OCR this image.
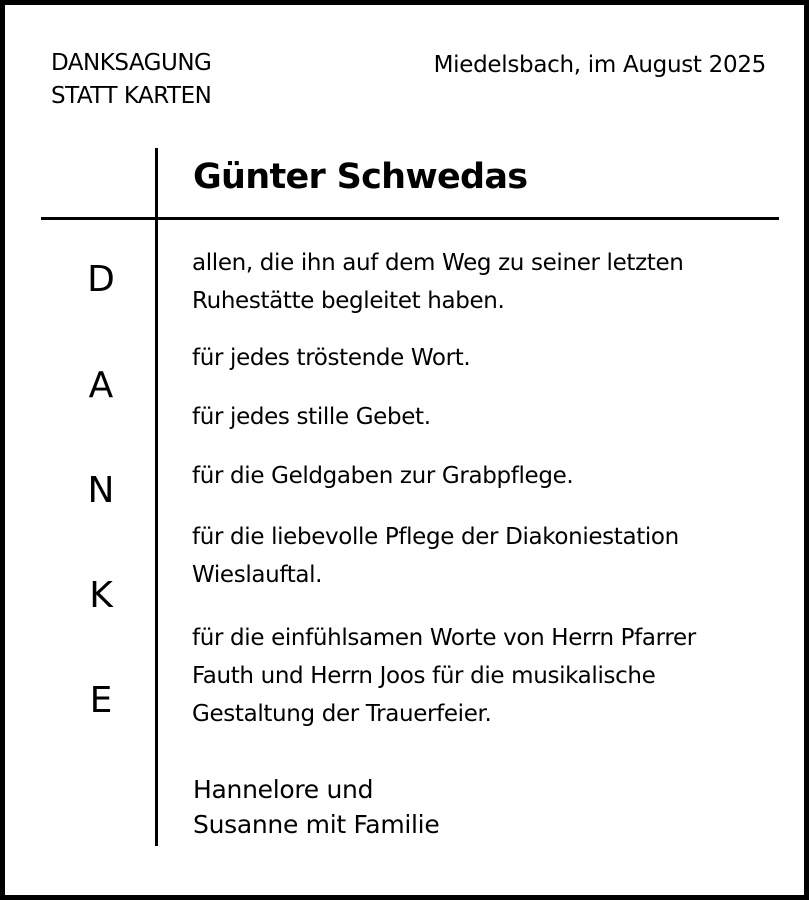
DANKSAGUNG
STATT KARTEN
Miedelsbach, im August 2025
Günter Schwedas
D
A
N
K
E
allen, die ihn auf dem Weg zu seiner letzten
Ruhestätte begleitet haben.
für jedes tröstende Wort.
für jedes stille Gebet.
für die Geldgaben zur Grabpflege.
für die liebevolle Pflege der Diakoniestation
Wieslauftal.
für die einfühlsamen Worte von Herrn Pfarrer
Fauth und Herrn Joos für die musikalische
Gestaltung der Trauerfeier.
Hannelore und
Susanne mit Familie
